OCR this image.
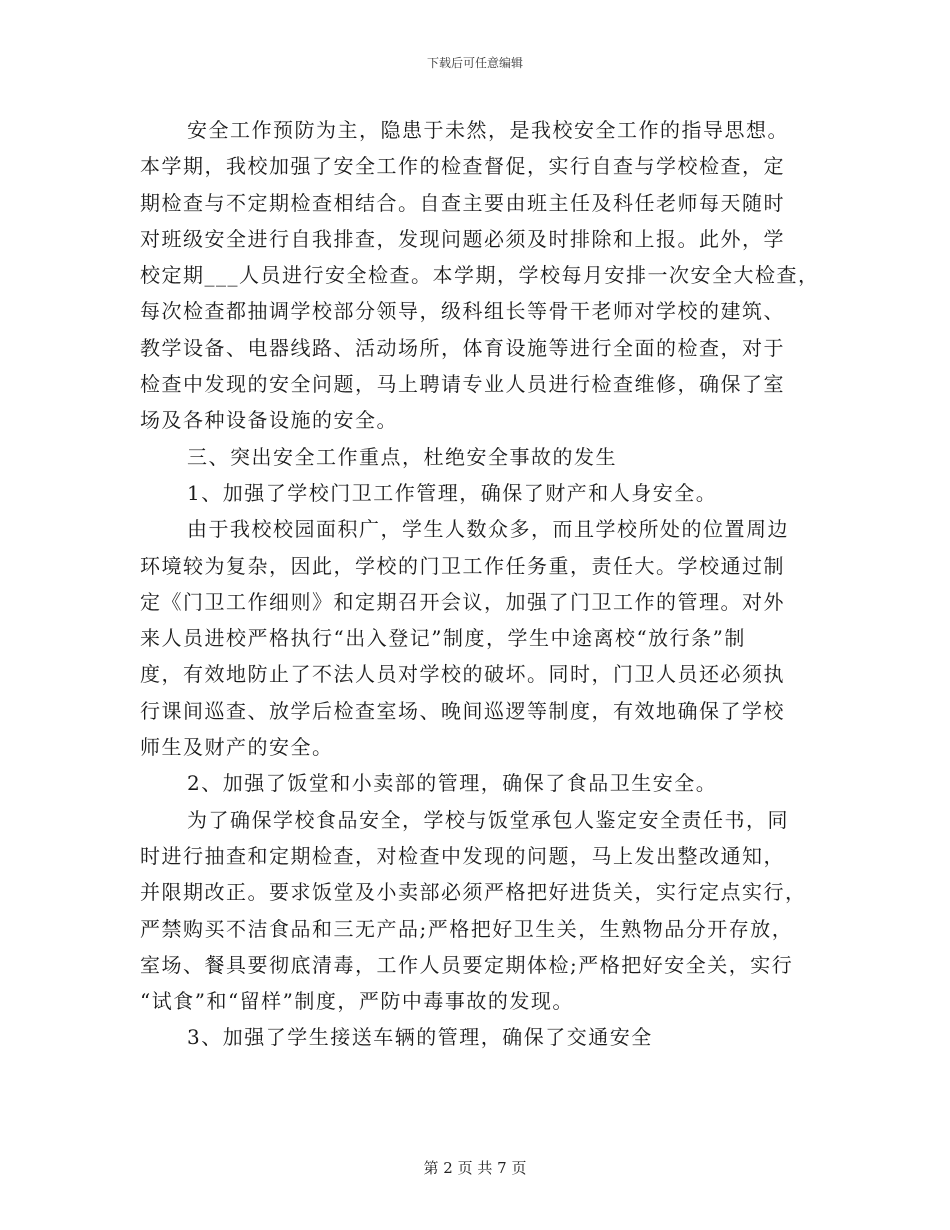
下载后可任意编辑
安全工作预防为主，隐患于未然，是我校安全工作的指导思想。
本学期，我校加强了安全工作的检查督促，实行自查与学校检查，定
期检查与不定期检查相结合。自查主要由班主任及科任老师每天随时
对班级安全进行自我排查，发现问题必须及时排除和上报。此外，学
校定期___人员进行安全检查。本学期，学校每月安排一次安全大检查，
每次检查都抽调学校部分领导，级科组长等骨干老师对学校的建筑、
教学设备、电器线路、活动场所，体育设施等进行全面的检查，对于
检查中发现的安全问题，马上聘请专业人员进行检查维修，确保了室
场及各种设备设施的安全。
三、突出安全工作重点，杜绝安全事故的发生
1、加强了学校门卫工作管理，确保了财产和人身安全。
由于我校校园面积广，学生人数众多，而且学校所处的位置周边
环境较为复杂，因此，学校的门卫工作任务重，责任大。学校通过制
定《门卫工作细则》和定期召开会议，加强了门卫工作的管理。对外
来人员进校严格执行“出入登记”制度，学生中途离校“放行条”制
度，有效地防止了不法人员对学校的破坏。同时，门卫人员还必须执
行课间巡查、放学后检查室场、晚间巡逻等制度，有效地确保了学校
师生及财产的安全。
2、加强了饭堂和小卖部的管理，确保了食品卫生安全。
为了确保学校食品安全，学校与饭堂承包人鉴定安全责任书，同
时进行抽查和定期检查，对检查中发现的问题，马上发出整改通知，
并限期改正。要求饭堂及小卖部必须严格把好进货关，实行定点实行，
严禁购买不洁食品和三无产品;严格把好卫生关，生熟物品分开存放，
室场、餐具要彻底清毒，工作人员要定期体检;严格把好安全关，实行
“试食”和“留样”制度，严防中毒事故的发现。
3、加强了学生接送车辆的管理，确保了交通安全
第 2 页 共 7 页
